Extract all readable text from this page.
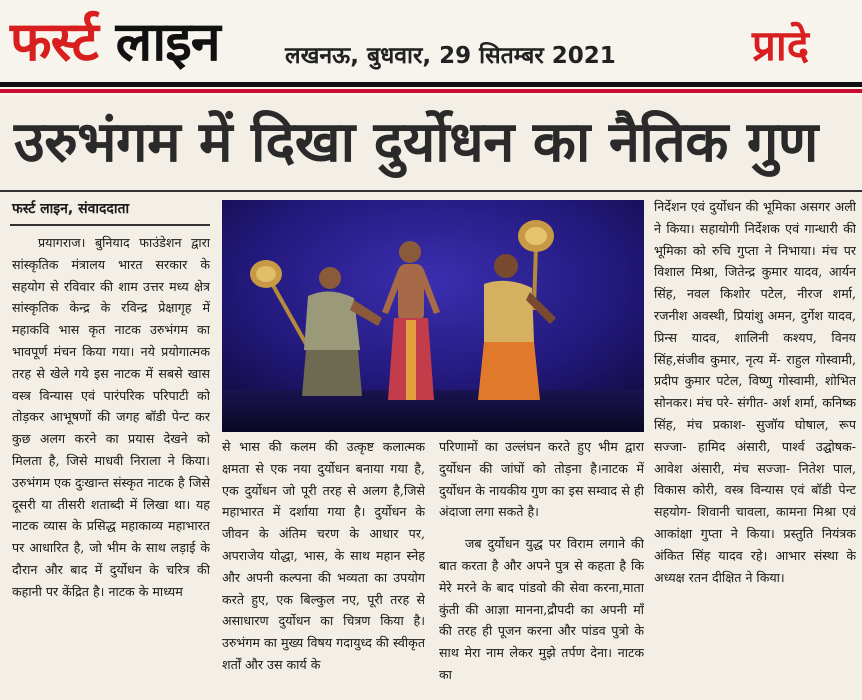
फर्स्ट लाइन	लखनऊ, बुधवार, 29 सितम्बर 2021	प्रादे
उरुभंगम में दिखा दुर्योधन का नैतिक गुण
फर्स्ट लाइन, संवाददाता

प्रयागराज। बुनियाद फाउंडेशन द्वारा सांस्कृतिक मंत्रालय भारत सरकार के सहयोग से रविवार की शाम उत्तर मध्य क्षेत्र सांस्कृतिक केन्द्र के रविन्द्र प्रेक्षागृह में महाकवि भास कृत नाटक उरुभंगम का भावपूर्ण मंचन किया गया। नये प्रयोगात्मक तरह से खेले गये इस नाटक में सबसे खास वस्त्र विन्यास एवं पारंपरिक परिपाटी को तोड़कर आभूषणों की जगह बॉडी पेन्ट कर कुछ अलग करने का प्रयास देखने को मिलता है, जिसे माधवी निराला ने किया। उरुभंगम एक दुःखान्त संस्कृत नाटक है जिसे दूसरी या तीसरी शताब्दी में लिखा था। यह नाटक व्यास के प्रसिद्ध महाकाव्य महाभारत पर आधारित है, जो भीम के साथ लड़ाई के दौरान और बाद में दुर्योधन के चरित्र की कहानी पर केंद्रित है। नाटक के माध्यम

से भास की कलम की उत्कृष्ट कलात्मक क्षमता से एक नया दुर्योधन बनाया गया है, एक दुर्योधन जो पूरी तरह से अलग है,जिसे महाभारत में दर्शाया गया है। दुर्योधन के जीवन के अंतिम चरण के आधार पर, अपराजेय योद्धा, भास, के साथ महान स्नेह और अपनी कल्पना की भव्यता का उपयोग करते हुए, एक बिल्कुल नए, पूरी तरह से असाधारण दुर्योधन का चित्रण किया है। उरुभंगम का मुख्य विषय गदायुध्द की स्वीकृत शर्तों और उस कार्य के

परिणामों का उल्लंघन करते हुए भीम द्वारा दुर्योधन की जांघों को तोड़ना है।नाटक में दुर्योधन के नायकीय गुण का इस सम्वाद से ही अंदाजा लगा सकते है।

जब दुर्योधन युद्ध पर विराम लगाने की बात करता है और अपने पुत्र से कहता है कि मेरे मरने के बाद पांडवो की सेवा करना,माता कुंती की आज्ञा मानना,द्रौपदी का अपनी माँ की तरह ही पूजन करना और पांडव पुत्रो के साथ मेरा नाम लेकर मुझे तर्पण देना। नाटक का

निर्देशन एवं दुर्योधन की भूमिका असगर अली ने किया। सहायोगी निर्देशक एवं गान्धारी की भूमिका को रुचि गुप्ता ने निभाया। मंच पर विशाल मिश्रा, जितेन्द्र कुमार यादव, आर्यन सिंह, नवल किशोर पटेल, नीरज शर्मा, रजनीश अवस्थी, प्रियांशु अमन, दुर्गेश यादव, प्रिन्स यादव, शालिनी कश्यप, विनय सिंह,संजीव कुमार, नृत्य में- राहुल गोस्वामी, प्रदीप कुमार पटेल, विष्णु गोस्वामी, शोभित सोनकर। मंच परे- संगीत- अर्श शर्मा, कनिष्क सिंह, मंच प्रकाश- सुजॉय घोषाल, रूप सज्जा- हामिद अंसारी, पार्श्व उद्घोषक- आवेश अंसारी, मंच सज्जा- नितेश पाल, विकास कोरी, वस्त्र विन्यास एवं बॉडी पेन्ट सहयोग- शिवानी चावला, कामना मिश्रा एवं आकांक्षा गुप्ता ने किया। प्रस्तुति नियंत्रक अंकित सिंह यादव रहे। आभार संस्था के अध्यक्ष रतन दीक्षित ने किया।
